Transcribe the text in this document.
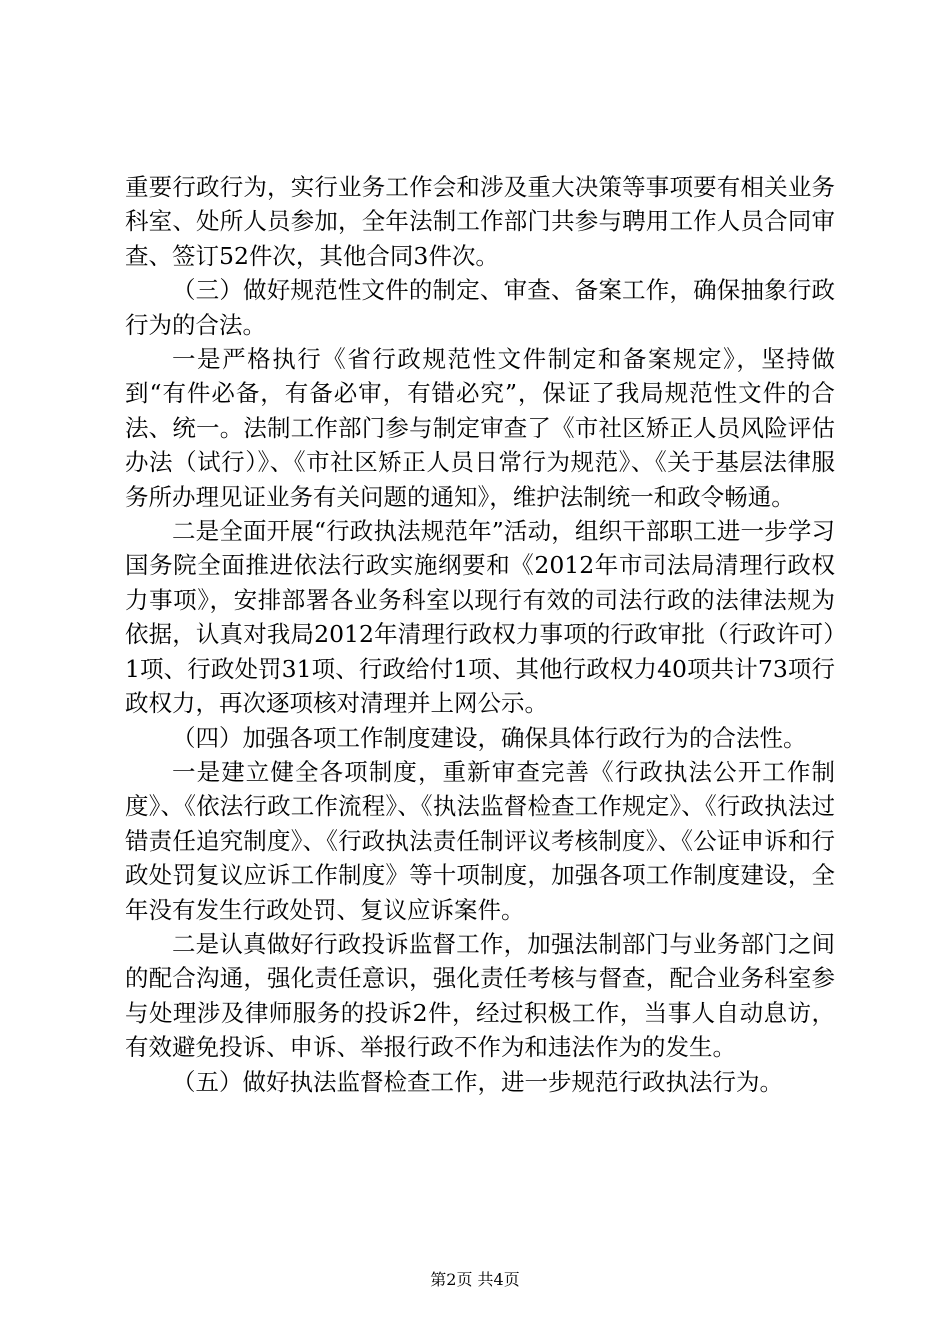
重要行政行为，实行业务工作会和涉及重大决策等事项要有相关业务科室、处所人员参加，全年法制工作部门共参与聘用工作人员合同审查、签订52件次，其他合同3件次。

（三）做好规范性文件的制定、审查、备案工作，确保抽象行政行为的合法。

一是严格执行《省行政规范性文件制定和备案规定》，坚持做到“有件必备，有备必审，有错必究”，保证了我局规范性文件的合法、统一。法制工作部门参与制定审查了《市社区矫正人员风险评估办法（试行）》、《市社区矫正人员日常行为规范》、《关于基层法律服务所办理见证业务有关问题的通知》，维护法制统一和政令畅通。

二是全面开展“行政执法规范年”活动，组织干部职工进一步学习国务院全面推进依法行政实施纲要和《2012年市司法局清理行政权力事项》，安排部署各业务科室以现行有效的司法行政的法律法规为依据，认真对我局2012年清理行政权力事项的行政审批（行政许可）1项、行政处罚31项、行政给付1项、其他行政权力40项共计73项行政权力，再次逐项核对清理并上网公示。

（四）加强各项工作制度建设，确保具体行政行为的合法性。

一是建立健全各项制度，重新审查完善《行政执法公开工作制度》、《依法行政工作流程》、《执法监督检查工作规定》、《行政执法过错责任追究制度》、《行政执法责任制评议考核制度》、《公证申诉和行政处罚复议应诉工作制度》等十项制度，加强各项工作制度建设，全年没有发生行政处罚、复议应诉案件。

二是认真做好行政投诉监督工作，加强法制部门与业务部门之间的配合沟通，强化责任意识，强化责任考核与督查，配合业务科室参与处理涉及律师服务的投诉2件，经过积极工作，当事人自动息访，有效避免投诉、申诉、举报行政不作为和违法作为的发生。

（五）做好执法监督检查工作，进一步规范行政执法行为。

第2页 共4页
